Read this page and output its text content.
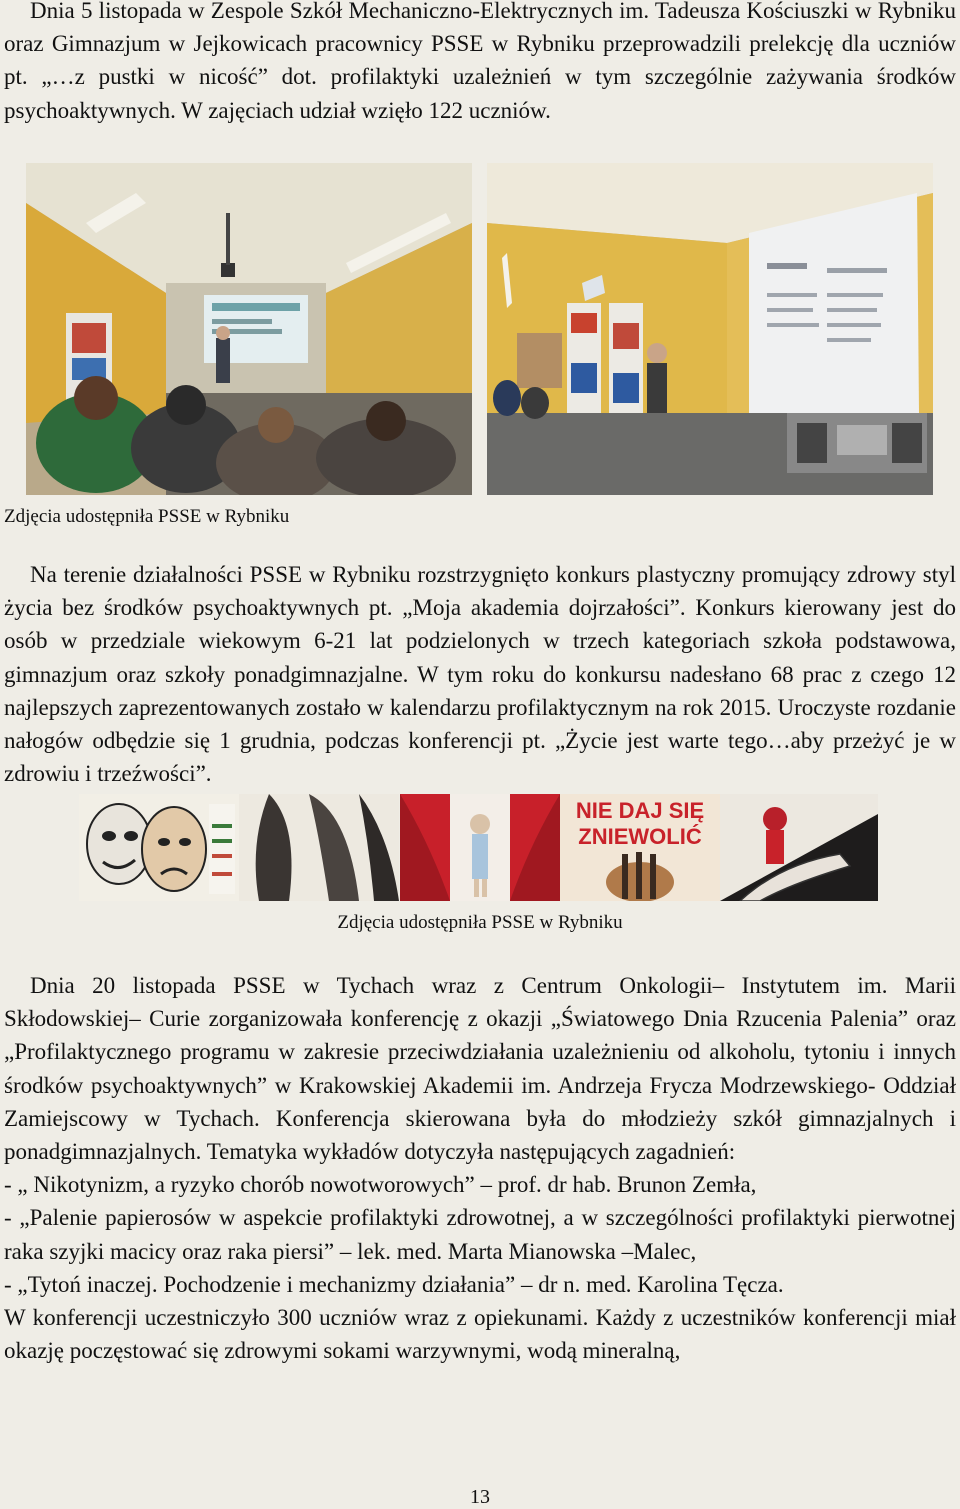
Dnia 5 listopada w Zespole Szkół Mechaniczno-Elektrycznych im. Tadeusza Kościuszki w Rybniku oraz Gimnazjum w Jejkowicach pracownicy PSSE w Rybniku przeprowadzili prelekcję dla uczniów pt. „…z pustki w nicość” dot. profilaktyki uzależnień w tym szczególnie zażywania środków psychoaktywnych. W zajęciach udział wzięło 122 uczniów.

Zdjęcia udostępniła PSSE w Rybniku

Na terenie działalności PSSE w Rybniku rozstrzygnięto konkurs plastyczny promujący zdrowy styl życia bez środków psychoaktywnych pt. „Moja akademia dojrzałości”. Konkurs kierowany jest do osób w przedziale wiekowym 6-21 lat podzielonych w trzech kategoriach szkoła podstawowa, gimnazjum oraz szkoły ponadgimnazjalne. W tym roku do konkursu nadesłano 68 prac z czego 12 najlepszych zaprezentowanych zostało w kalendarzu profilaktycznym na rok 2015. Uroczyste rozdanie nałogów odbędzie się 1 grudnia, podczas konferencji pt. „Życie jest warte tego…aby przeżyć je w zdrowiu i trzeźwości”.

NIE DAJ SIĘ
ZNIEWOLIĆ

Zdjęcia udostępniła PSSE w Rybniku

Dnia 20 listopada PSSE w Tychach wraz z Centrum Onkologii– Instytutem im. Marii Skłodowskiej– Curie zorganizowała konferencję z okazji „Światowego Dnia Rzucenia Palenia” oraz „Profilaktycznego programu w zakresie przeciwdziałania uzależnieniu od alkoholu, tytoniu i innych środków psychoaktywnych” w Krakowskiej Akademii im. Andrzeja Frycza Modrzewskiego- Oddział Zamiejscowy w Tychach. Konferencja skierowana była do młodzieży szkół gimnazjalnych i ponadgimnazjalnych. Tematyka wykładów dotyczyła następujących zagadnień:
- „ Nikotynizm, a ryzyko chorób nowotworowych” – prof. dr hab. Brunon Zemła,
- „Palenie papierosów w aspekcie profilaktyki zdrowotnej, a w szczególności profilaktyki pierwotnej raka szyjki macicy oraz raka piersi” – lek. med. Marta Mianowska –Malec,
- „Tytoń inaczej. Pochodzenie i mechanizmy działania” – dr n. med. Karolina Tęcza.
W konferencji uczestniczyło 300 uczniów wraz z opiekunami. Każdy z uczestników konferencji miał okazję poczęstować się zdrowymi sokami warzywnymi, wodą mineralną,
13
